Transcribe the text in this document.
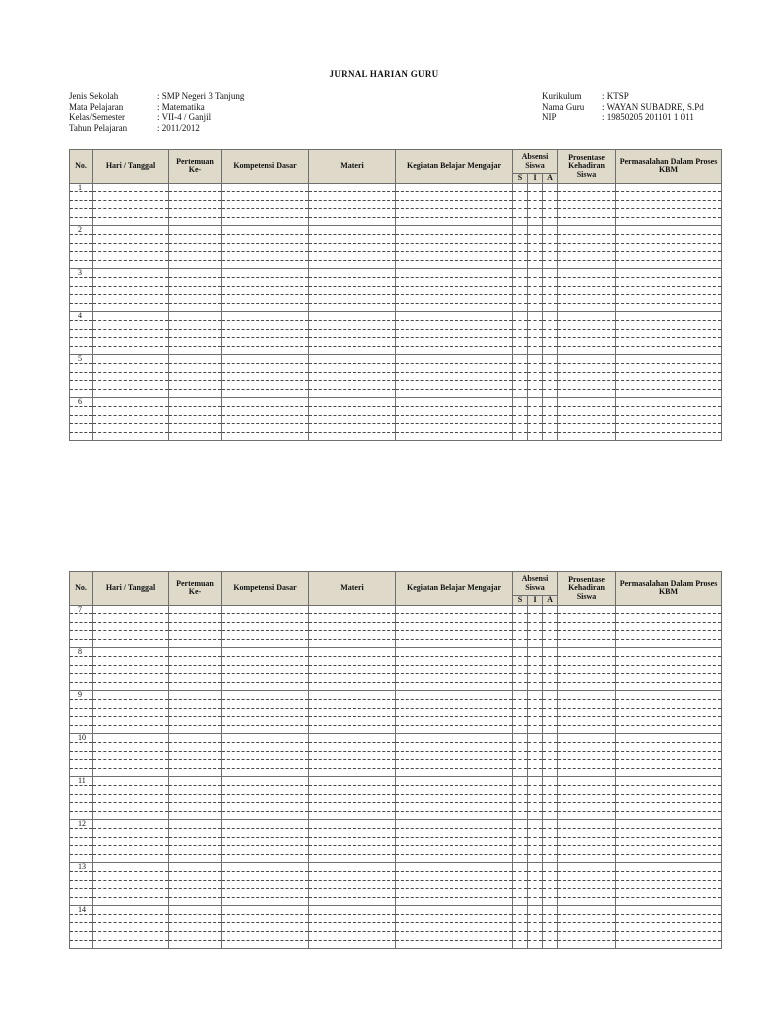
JURNAL HARIAN GURU
Jenis Sekolah	: SMP Negeri 3 Tanjung
Mata Pelajaran	: Matematika
Kelas/Semester	: VII-4 / Ganjil
Tahun Pelajaran	: 2011/2012
Kurikulum	: KTSP
Nama Guru	: WAYAN SUBADRE, S.Pd
NIP	: 19850205 201101 1 011
No.	Hari / Tanggal	Pertemuan Ke-	Kompetensi Dasar	Materi	Kegiatan Belajar Mengajar	Absensi Siswa			Prosentase Kehadiran Siswa	Permasalahan Dalam Proses KBM
						S	I	A		
1										

2										

3										

4										

5										

6										

No.	Hari / Tanggal	Pertemuan Ke-	Kompetensi Dasar	Materi	Kegiatan Belajar Mengajar	Absensi Siswa			Prosentase Kehadiran Siswa	Permasalahan Dalam Proses KBM
						S	I	A		
7										

8										

9										

10										

11										

12										

13										

14										
